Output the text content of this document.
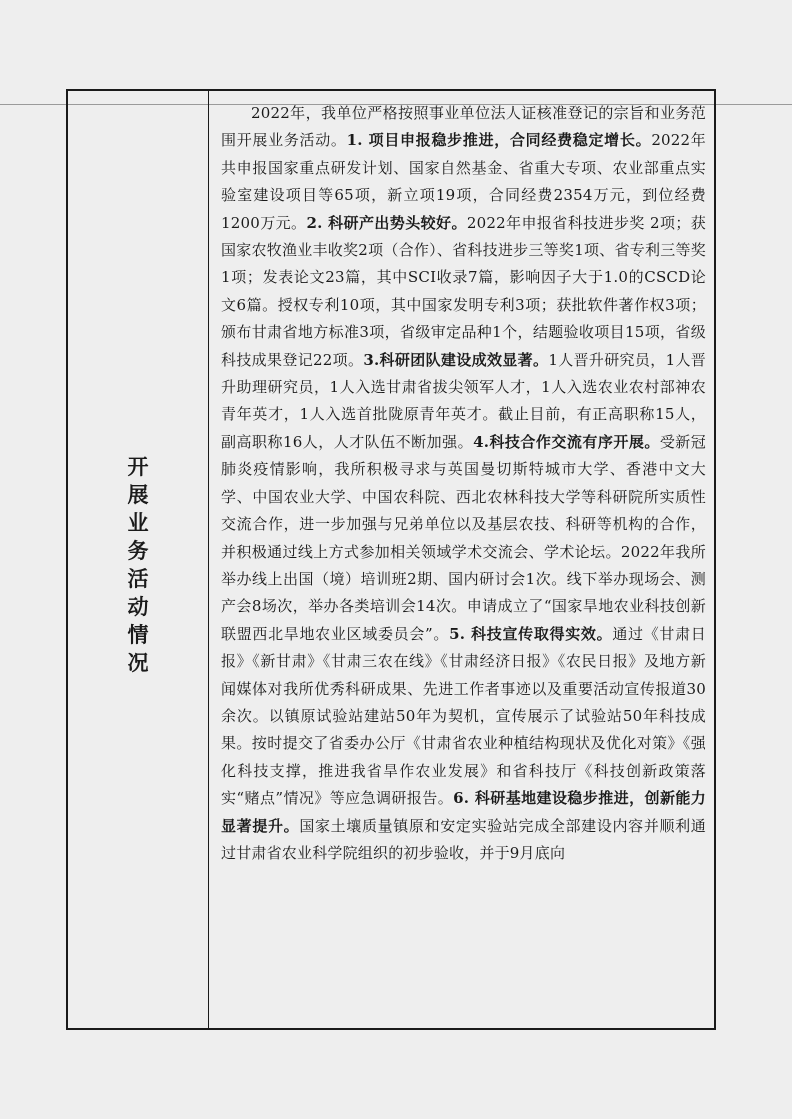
开展业务活动情况

2022年，我单位严格按照事业单位法人证核准登记的宗旨和业务范围开展业务活动。1. 项目申报稳步推进，合同经费稳定增长。2022年共申报国家重点研发计划、国家自然基金、省重大专项、农业部重点实验室建设项目等65项，新立项19项，合同经费2354万元，到位经费1200万元。2. 科研产出势头较好。2022年申报省科技进步奖 2项；获国家农牧渔业丰收奖2项（合作）、省科技进步三等奖1项、省专利三等奖1项；发表论文23篇，其中SCI收录7篇，影响因子大于1.0的CSCD论文6篇。授权专利10项，其中国家发明专利3项；获批软件著作权3项；颁布甘肃省地方标准3项，省级审定品种1个，结题验收项目15项，省级科技成果登记22项。3.科研团队建设成效显著。1人晋升研究员，1人晋升助理研究员，1人入选甘肃省拔尖领军人才，1人入选农业农村部神农青年英才，1人入选首批陇原青年英才。截止目前，有正高职称15人，副高职称16人，人才队伍不断加强。4.科技合作交流有序开展。受新冠肺炎疫情影响，我所积极寻求与英国曼切斯特城市大学、香港中文大学、中国农业大学、中国农科院、西北农林科技大学等科研院所实质性交流合作，进一步加强与兄弟单位以及基层农技、科研等机构的合作，并积极通过线上方式参加相关领域学术交流会、学术论坛。2022年我所举办线上出国（境）培训班2期、国内研讨会1次。线下举办现场会、测产会8场次，举办各类培训会14次。申请成立了“国家旱地农业科技创新联盟西北旱地农业区域委员会”。5. 科技宣传取得实效。通过《甘肃日报》《新甘肃》《甘肃三农在线》《甘肃经济日报》《农民日报》及地方新闻媒体对我所优秀科研成果、先进工作者事迹以及重要活动宣传报道30余次。以镇原试验站建站50年为契机，宣传展示了试验站50年科技成果。按时提交了省委办公厅《甘肃省农业种植结构现状及优化对策》《强化科技支撑，推进我省旱作农业发展》和省科技厅《科技创新政策落实“赌点”情况》等应急调研报告。6. 科研基地建设稳步推进，创新能力显著提升。国家土壤质量镇原和安定实验站完成全部建设内容并顺利通过甘肃省农业科学院组织的初步验收，并于9月底向
